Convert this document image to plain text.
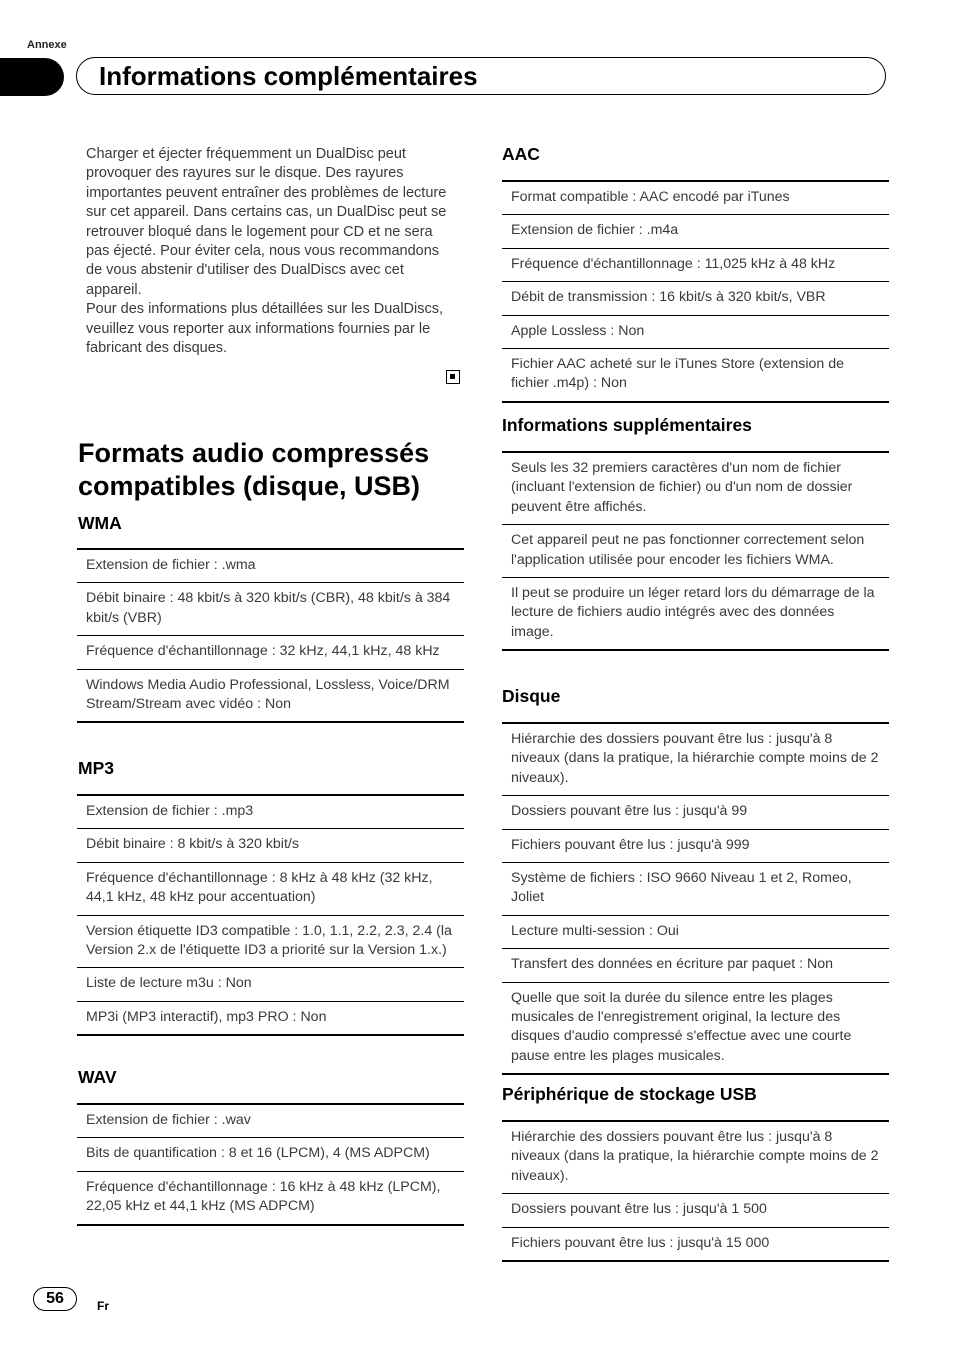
Annexe
Informations complémentaires

Charger et éjecter fréquemment un DualDisc peut provoquer des rayures sur le disque. Des rayures importantes peuvent entraîner des problèmes de lecture sur cet appareil. Dans certains cas, un DualDisc peut se retrouver bloqué dans le logement pour CD et ne sera pas éjecté. Pour éviter cela, nous vous recommandons de vous abstenir d'utiliser des DualDiscs avec cet appareil.

Pour des informations plus détaillées sur les DualDiscs, veuillez vous reporter aux informations fournies par le fabricant des disques.

Formats audio compressés compatibles (disque, USB)
WMA
Extension de fichier : .wma
Débit binaire : 48 kbit/s à 320 kbit/s (CBR), 48 kbit/s à 384 kbit/s (VBR)
Fréquence d'échantillonnage : 32 kHz, 44,1 kHz, 48 kHz
Windows Media Audio Professional, Lossless, Voice/DRM Stream/Stream avec vidéo : Non
MP3
Extension de fichier : .mp3
Débit binaire : 8 kbit/s à 320 kbit/s
Fréquence d'échantillonnage : 8 kHz à 48 kHz (32 kHz, 44,1 kHz, 48 kHz pour accentuation)
Version étiquette ID3 compatible : 1.0, 1.1, 2.2, 2.3, 2.4 (la Version 2.x de l'étiquette ID3 a priorité sur la Version 1.x.)
Liste de lecture m3u : Non
MP3i (MP3 interactif), mp3 PRO : Non
WAV
Extension de fichier : .wav
Bits de quantification : 8 et 16 (LPCM), 4 (MS ADPCM)
Fréquence d'échantillonnage : 16 kHz à 48 kHz (LPCM), 22,05 kHz et 44,1 kHz (MS ADPCM)
AAC
Format compatible : AAC encodé par iTunes
Extension de fichier : .m4a
Fréquence d'échantillonnage : 11,025 kHz à 48 kHz
Débit de transmission : 16 kbit/s à 320 kbit/s, VBR
Apple Lossless : Non
Fichier AAC acheté sur le iTunes Store (extension de fichier .m4p) : Non
Informations supplémentaires
Seuls les 32 premiers caractères d'un nom de fichier (incluant l'extension de fichier) ou d'un nom de dossier peuvent être affichés.
Cet appareil peut ne pas fonctionner correctement selon l'application utilisée pour encoder les fichiers WMA.
Il peut se produire un léger retard lors du démarrage de la lecture de fichiers audio intégrés avec des données image.
Disque
Hiérarchie des dossiers pouvant être lus : jusqu'à 8 niveaux (dans la pratique, la hiérarchie compte moins de 2 niveaux).
Dossiers pouvant être lus : jusqu'à 99
Fichiers pouvant être lus : jusqu'à 999
Système de fichiers : ISO 9660 Niveau 1 et 2, Romeo, Joliet
Lecture multi-session : Oui
Transfert des données en écriture par paquet : Non
Quelle que soit la durée du silence entre les plages musicales de l'enregistrement original, la lecture des disques d'audio compressé s'effectue avec une courte pause entre les plages musicales.
Périphérique de stockage USB
Hiérarchie des dossiers pouvant être lus : jusqu'à 8 niveaux (dans la pratique, la hiérarchie compte moins de 2 niveaux).
Dossiers pouvant être lus : jusqu'à 1 500
Fichiers pouvant être lus : jusqu'à 15 000
56	Fr
